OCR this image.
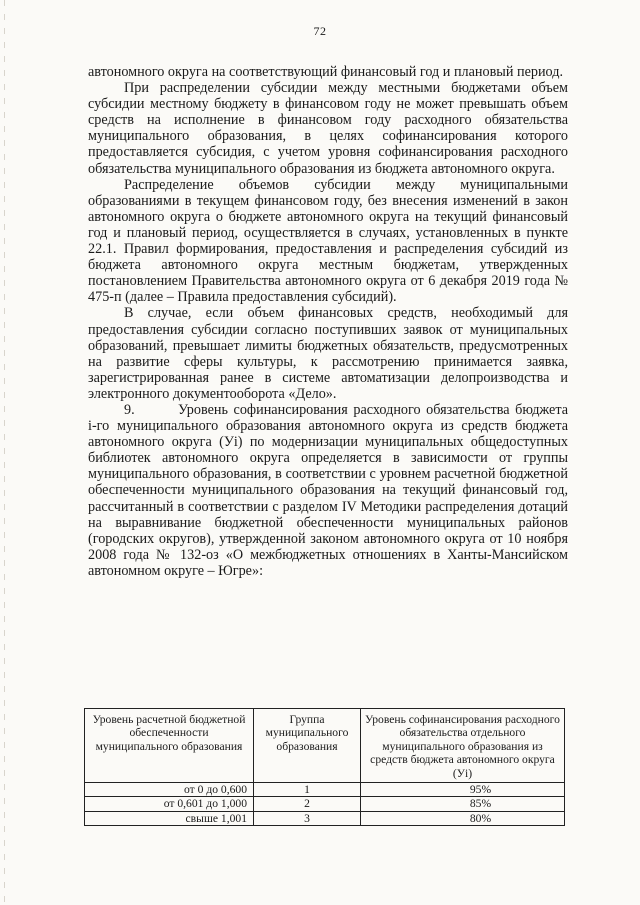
72

автономного округа на соответствующий финансовый год и плановый период.

При распределении субсидии между местными бюджетами объем субсидии местному бюджету в финансовом году не может превышать объем средств на исполнение в финансовом году расходного обязательства муниципального образования, в целях софинансирования которого предоставляется субсидия, с учетом уровня софинансирования расходного обязательства муниципального образования из бюджета автономного округа.

Распределение объемов субсидии между муниципальными образованиями в текущем финансовом году, без внесения изменений в закон автономного округа о бюджете автономного округа на текущий финансовый год и плановый период, осуществляется в случаях, установленных в пункте 22.1. Правил формирования, предоставления и распределения субсидий из бюджета автономного округа местным бюджетам, утвержденных постановлением Правительства автономного округа от 6 декабря 2019 года № 475-п (далее – Правила предоставления субсидий).

В случае, если объем финансовых средств, необходимый для предоставления субсидии согласно поступивших заявок от муниципальных образований, превышает лимиты бюджетных обязательств, предусмотренных на развитие сферы культуры, к рассмотрению принимается заявка, зарегистрированная ранее в системе автоматизации делопроизводства и электронного документооборота «Дело».

9.	Уровень софинансирования расходного обязательства бюджета i-го муниципального образования автономного округа из средств бюджета автономного округа (Уi) по модернизации муниципальных общедоступных библиотек автономного округа определяется в зависимости от группы муниципального образования, в соответствии с уровнем расчетной бюджетной обеспеченности муниципального образования на текущий финансовый год, рассчитанный в соответствии с разделом IV Методики распределения дотаций на выравнивание бюджетной обеспеченности муниципальных районов (городских округов), утвержденной законом автономного округа от 10 ноября 2008 года № 132-оз «О межбюджетных отношениях в Ханты-Мансийском автономном округе – Югре»:

Уровень расчетной бюджетной обеспеченности муниципального образования	Группа муниципального образования	Уровень софинансирования расходного обязательства отдельного муниципального образования из средств бюджета автономного округа (Уi)
от 0 до 0,600	1	95%
от 0,601 до 1,000	2	85%
свыше 1,001	3	80%
